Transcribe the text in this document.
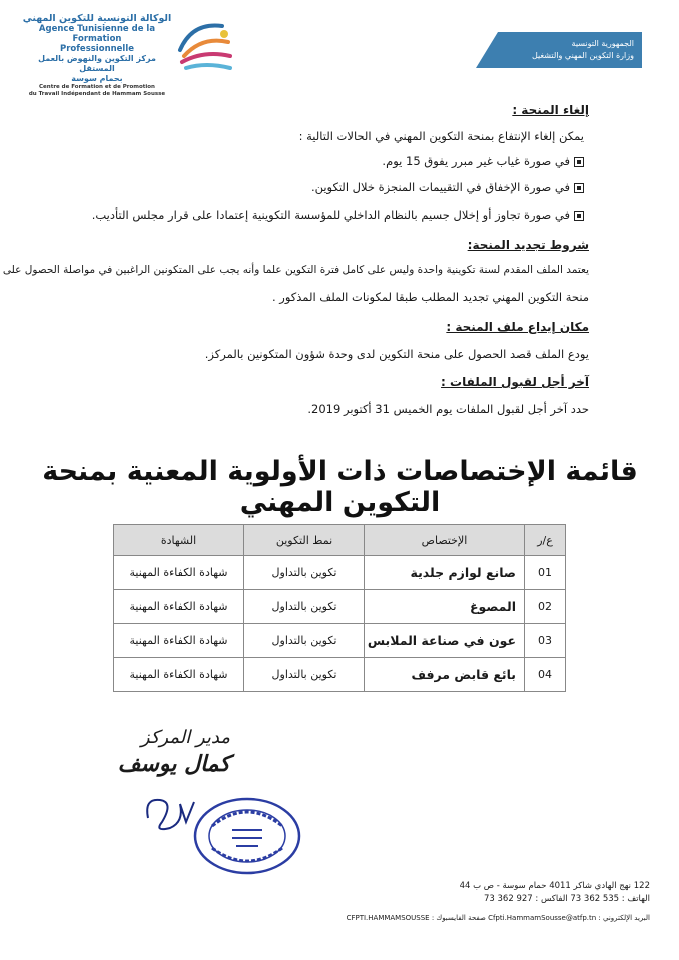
الوكالة التونسية للتكوين المهني
Agence Tunisienne de la Formation
Professionnelle
مركز التكوين والنهوض بالعمل المستقل
بحمام سوسة
Centre de Formation et de Promotion
du Travail Indépendant de Hammam Sousse
الجمهورية التونسية
وزارة التكوين المهني والتشغيل
إلغاء المنحة :
يمكن إلغاء الإنتفاع بمنحة التكوين المهني في الحالات التالية :
في صورة غياب غير مبرر يفوق 15 يوم.
في صورة الإخفاق في التقييمات المنجزة خلال التكوين.
في صورة تجاوز أو إخلال جسيم بالنظام الداخلي للمؤسسة التكوينية إعتمادا على قرار مجلس التأديب.
شروط تجديد المنحة:
يعتمد الملف المقدم لسنة تكوينية واحدة وليس على كامل فترة التكوين علما وأنه يجب على المتكونين الراغبين في مواصلة الحصول على
منحة التكوين المهني تجديد المطلب طبقا لمكونات الملف المذكور .
مكان إيداع ملف المنحة :
يودع الملف قصد الحصول على منحة التكوين لدى وحدة شؤون المتكونين بالمركز.
آخر أجل لقبول الملفات :
حدد آخر أجل لقبول الملفات يوم الخميس 31 أكتوبر 2019.
قائمة الإختصاصات ذات الأولوية المعنية بمنحة التكوين المهني
ع/ر	الإختصاص	نمط التكوين	الشهادة
01	صانع لوازم جلدية	تكوين بالتداول	شهادة الكفاءة المهنية
02	المصوغ	تكوين بالتداول	شهادة الكفاءة المهنية
03	عون في صناعة الملابس	تكوين بالتداول	شهادة الكفاءة المهنية
04	بائع قابض مرفف	تكوين بالتداول	شهادة الكفاءة المهنية
مدير المركز
كمال يوسف
122 نهج الهادي شاكر 4011 حمام سوسة - ص ب 44
الهاتف : 535 362 73 الفاكس : 927 362 73
البريد الإلكتروني : Cfpti.HammamSousse@atfp.tn صفحة الفايسبوك : CFPTI.HAMMAMSOUSSE
